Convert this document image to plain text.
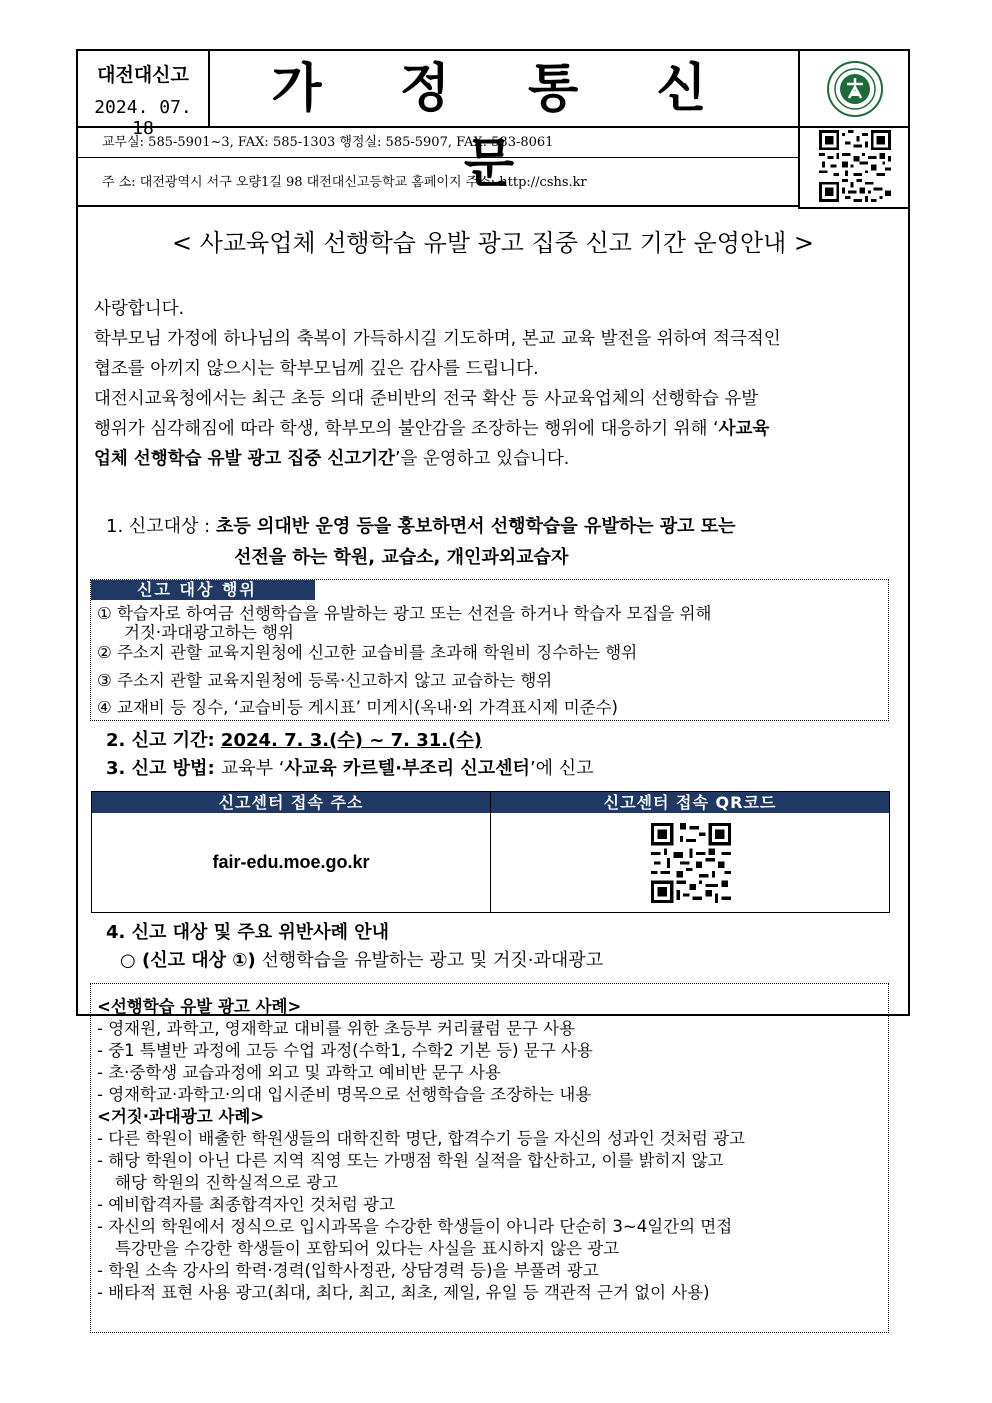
대전대신고
2024. 07. 18
가 정 통 신 문
교무실: 585-5901~3, FAX: 585-1303 행정실: 585-5907, FAX: 583-8061
주 소: 대전광역시 서구 오량1길 98 대전대신고등학교 홈페이지 주소: http://cshs.kr
< 사교육업체 선행학습 유발 광고 집중 신고 기간 운영안내 >

사랑합니다.

학부모님 가정에 하나님의 축복이 가득하시길 기도하며, 본교 교육 발전을 위하여 적극적인

협조를 아끼지 않으시는 학부모님께 깊은 감사를 드립니다.

대전시교육청에서는 최근 초등 의대 준비반의 전국 확산 등 사교육업체의 선행학습 유발

행위가 심각해짐에 따라 학생, 학부모의 불안감을 조장하는 행위에 대응하기 위해 ‘사교육

업체 선행학습 유발 광고 집중 신고기간’을 운영하고 있습니다.

1. 신고대상 : 초등 의대반 운영 등을 홍보하면서 선행학습을 유발하는 광고 또는
선전을 하는 학원, 교습소, 개인과외교습자
신고 대상 행위
① 학습자로 하여금 선행학습을 유발하는 광고 또는 선전을 하거나 학습자 모집을 위해
거짓·과대광고하는 행위
② 주소지 관할 교육지원청에 신고한 교습비를 초과해 학원비 징수하는 행위
③ 주소지 관할 교육지원청에 등록·신고하지 않고 교습하는 행위
④ 교재비 등 징수, ‘교습비등 게시표’ 미게시(옥내·외 가격표시제 미준수)
2. 신고 기간: 2024. 7. 3.(수) ~ 7. 31.(수)
3. 신고 방법: 교육부 ‘사교육 카르텔·부조리 신고센터’에 신고
신고센터 접속 주소	신고센터 접속 QR코드
fair-edu.moe.go.kr
4. 신고 대상 및 주요 위반사례 안내
○ (신고 대상 ①) 선행학습을 유발하는 광고 및 거짓·과대광고

<선행학습 유발 광고 사례>

- 영재원, 과학고, 영재학교 대비를 위한 초등부 커리큘럼 문구 사용

- 중1 특별반 과정에 고등 수업 과정(수학1, 수학2 기본 등) 문구 사용

- 초·중학생 교습과정에 외고 및 과학고 예비반 문구 사용

- 영재학교·과학고·의대 입시준비 명목으로 선행학습을 조장하는 내용

<거짓·과대광고 사례>

- 다른 학원이 배출한 학원생들의 대학진학 명단, 합격수기 등을 자신의 성과인 것처럼 광고

- 해당 학원이 아닌 다른 지역 직영 또는 가맹점 학원 실적을 합산하고, 이를 밝히지 않고

해당 학원의 진학실적으로 광고

- 예비합격자를 최종합격자인 것처럼 광고

- 자신의 학원에서 정식으로 입시과목을 수강한 학생들이 아니라 단순히 3~4일간의 면접

특강만을 수강한 학생들이 포함되어 있다는 사실을 표시하지 않은 광고

- 학원 소속 강사의 학력·경력(입학사정관, 상담경력 등)을 부풀려 광고

- 배타적 표현 사용 광고(최대, 최다, 최고, 최초, 제일, 유일 등 객관적 근거 없이 사용)
